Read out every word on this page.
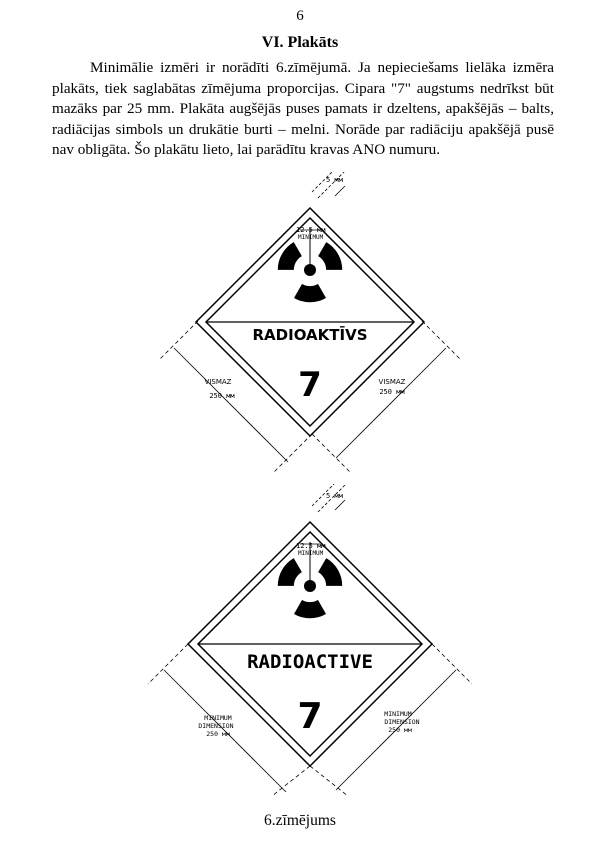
6
VI. Plakāts

Minimālie izmēri ir norādīti 6.zīmējumā. Ja nepieciešams lielāka izmēra plakāts, tiek saglabātas zīmējuma proporcijas. Cipara "7" augstums nedrīkst būt mazāks par 25 mm. Plakāta augšējās puses pamats ir dzeltens, apakšējās – balts, radiācijas simbols un drukātie burti – melni. Norāde par radiāciju apakšējā pusē nav obligāta. Šo plakātu lieto, lai parādītu kravas ANO numuru.

5 мм
12.5 мм
MINIMUM
RADIOAKTĪVS
7
VISMAZ
250 мм
VISMAZ
250 мм
5 мм
12.5 мм
MINIMUM
RADIOACTIVE
7
MINIMUM
DIMENSION
250 мм
MINIMUM
DIMENSION
250 мм
6.zīmējums
